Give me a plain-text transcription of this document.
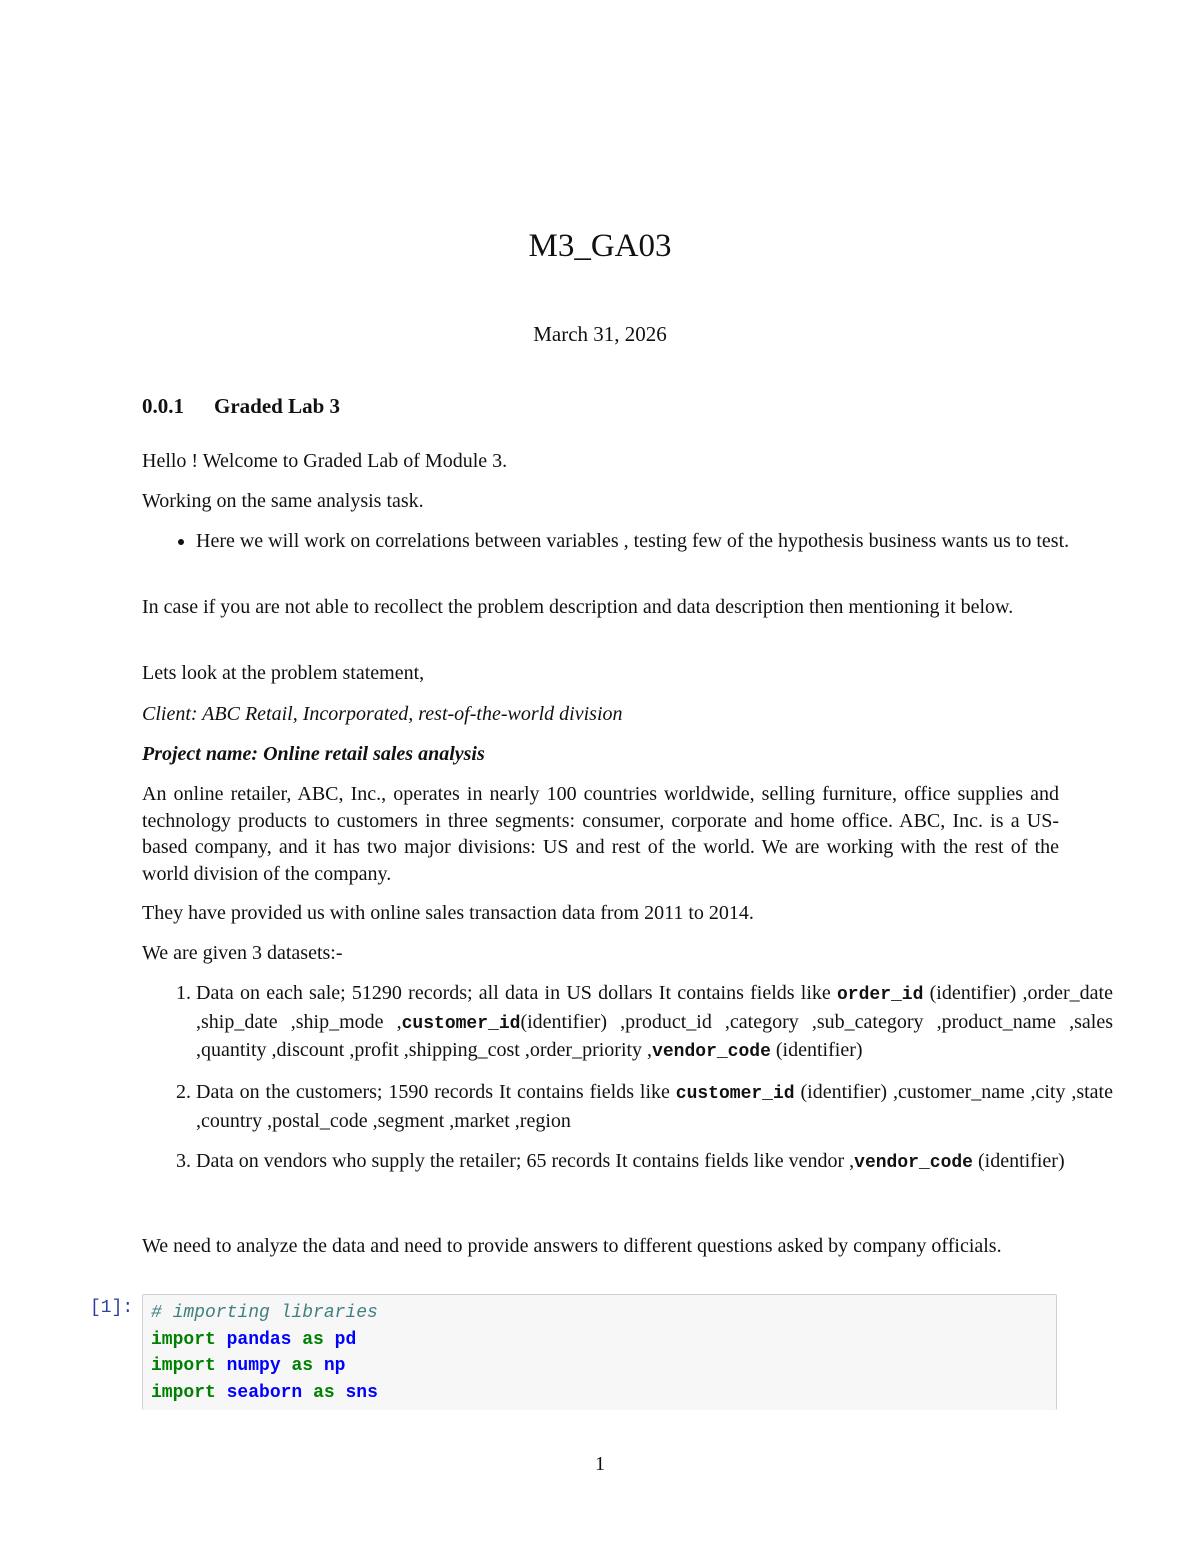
M3_GA03
March 31, 2026
0.0.1 Graded Lab 3

Hello ! Welcome to Graded Lab of Module 3.

Working on the same analysis task.

• Here we will work on correlations between variables , testing few of the hypothesis business wants us to test.

In case if you are not able to recollect the problem description and data description then mentioning it below.

Lets look at the problem statement,

Client: ABC Retail, Incorporated, rest-of-the-world division

Project name: Online retail sales analysis

An online retailer, ABC, Inc., operates in nearly 100 countries worldwide, selling furniture, office supplies and technology products to customers in three segments: consumer, corporate and home office. ABC, Inc. is a US-based company, and it has two major divisions: US and rest of the world. We are working with the rest of the world division of the company.

They have provided us with online sales transaction data from 2011 to 2014.

We are given 3 datasets:-

1. Data on each sale; 51290 records; all data in US dollars It contains fields like order_id (identifier) ,order_date ,ship_date ,ship_mode ,customer_id(identifier) ,product_id ,category ,sub_category ,product_name ,sales ,quantity ,discount ,profit ,shipping_cost ,order_priority ,vendor_code (identifier)
2. Data on the customers; 1590 records It contains fields like customer_id (identifier) ,customer_name ,city ,state ,country ,postal_code ,segment ,market ,region
3. Data on vendors who supply the retailer; 65 records It contains fields like vendor ,vendor_code (identifier)

We need to analyze the data and need to provide answers to different questions asked by company officials.

[1]: # importing libraries
import pandas as pd
import numpy as np
import seaborn as sns
1
